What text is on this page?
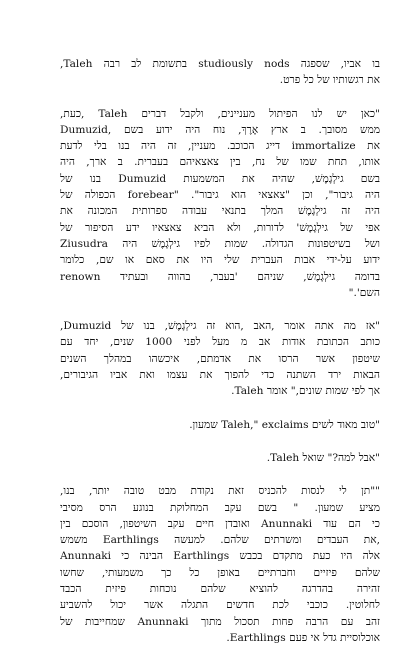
בו אביו, שספגה studiously nods בתשומת לב רבה Taleh,
את רגשותיו של כל פרט.
"כאן יש לנו הפיתול מעניינים, ולקבל דברים Taleh ,כעת,
Dumuzid, ממש מסובך. ב ארץ אֶרֶךְ, נוח היה ידוע בשם
את immortalize דייג הכוכב. מעניין, זה היה בנו בלי לדעת
אותו, תחת שמו של נח, בין צאצאיהם בעברית. ב ארך, היה
בשם גילְגָמֶשׁ, שהיה את המשמעות Dumuzid בנו של
היה גיבור", וכן "צאצאי הוא גיבור". "forebear הכפולה של
היה זה גילְגָמֶשׁ המלך בתנאי עבודה ספרותית המכונה את
אפי של גילְגָמֶשׁ' לדורות, ולא הביא צאצאיו ידע הסיפור של
ושל בשיטפונות הגדולה. שמות לפיו גילְגָמֶשׁ היה Ziusudra
ידוע על-ידי אבות העברית שלי היו את סאם או שם, כלומר
renown בדומה גילְגָמֶשׁ, שניהם 'בעבר, בהווה ובעתיד
השם'."
"אז מה אתה אומר ,האב ,הוא זה גילְגָמֶשׁ, בנו של Dumuzid,
כותב הכתובת אודות אב מ מעל לפני 1000 שנים, יחד עם
שיטפון אשר הרסו את אדמתם, איכשהו במהלך השנים
הבאות ירד השתנה כדי להפוך את עצמו ואת אביו הגיבורים,
אך לפי שמות שונים," אומר Taleh.
"טוב מאוד לשים Taleh," exclaims שמעון.
"אבל למה?" שואל Taleh.
""תן לי לנסות להכניס זאת נקודת מבט טובה יותר, בנו,
מציע שמעון. " בשם עקב המחלוקת בנוגע הרס מסיבי
כי הם עוד Anunnaki ואובדן חיים עקב השיטפון, הוסכם בין
,את העבדים ומשרתים שלהם. למעשה Earthlings משמש
אלה היו כעת מתקדם בכבש Earthlings הבינה כי Anunnaki
שלהם פיזיים וחברתיים באופן כל כך משמעותי, שחשו
זהירה בהדרגה להוציא שלהם נוכחות פיזית הכבד
לחלוטין. כוכבי לכת חדשים התגלה אשר יכול להשביע
זהב עם הרבה פחות תסכול מתוך Anunnaki שמחייבות של
אוכלוסיית גדל אי פעם Earthlings.
